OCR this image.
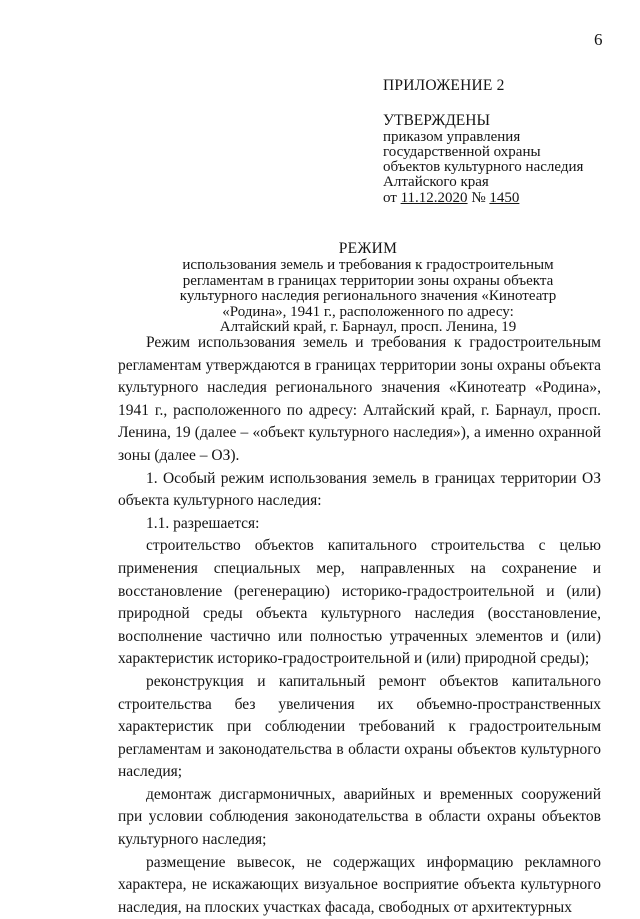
6
ПРИЛОЖЕНИЕ 2
УТВЕРЖДЕНЫ
приказом управления
государственной охраны
объектов культурного наследия
Алтайского края
от 11.12.2020 № 1450
РЕЖИМ
использования земель и требования к градостроительным
регламентам в границах территории зоны охраны объекта
культурного наследия регионального значения «Кинотеатр
«Родина», 1941 г., расположенного по адресу:
Алтайский край, г. Барнаул, просп. Ленина, 19

Режим использования земель и требования к градостроительным регламентам утверждаются в границах территории зоны охраны объекта культурного наследия регионального значения «Кинотеатр «Родина», 1941 г., расположенного по адресу: Алтайский край, г. Барнаул, просп. Ленина, 19 (далее – «объект культурного наследия»), а именно охранной зоны (далее – ОЗ).

1. Особый режим использования земель в границах территории ОЗ объекта культурного наследия:

1.1. разрешается:

строительство объектов капитального строительства с целью применения специальных мер, направленных на сохранение и восстановление (регенерацию) историко-градостроительной и (или) природной среды объекта культурного наследия (восстановление, восполнение частично или полностью утраченных элементов и (или) характеристик историко-градостроительной и (или) природной среды);

реконструкция и капитальный ремонт объектов капитального строительства без увеличения их объемно-пространственных характеристик при соблюдении требований к градостроительным регламентам и законодательства в области охраны объектов культурного наследия;

демонтаж дисгармоничных, аварийных и временных сооружений при условии соблюдения законодательства в области охраны объектов культурного наследия;

размещение вывесок, не содержащих информацию рекламного характера, не искажающих визуальное восприятие объекта культурного наследия, на плоских участках фасада, свободных от архитектурных
